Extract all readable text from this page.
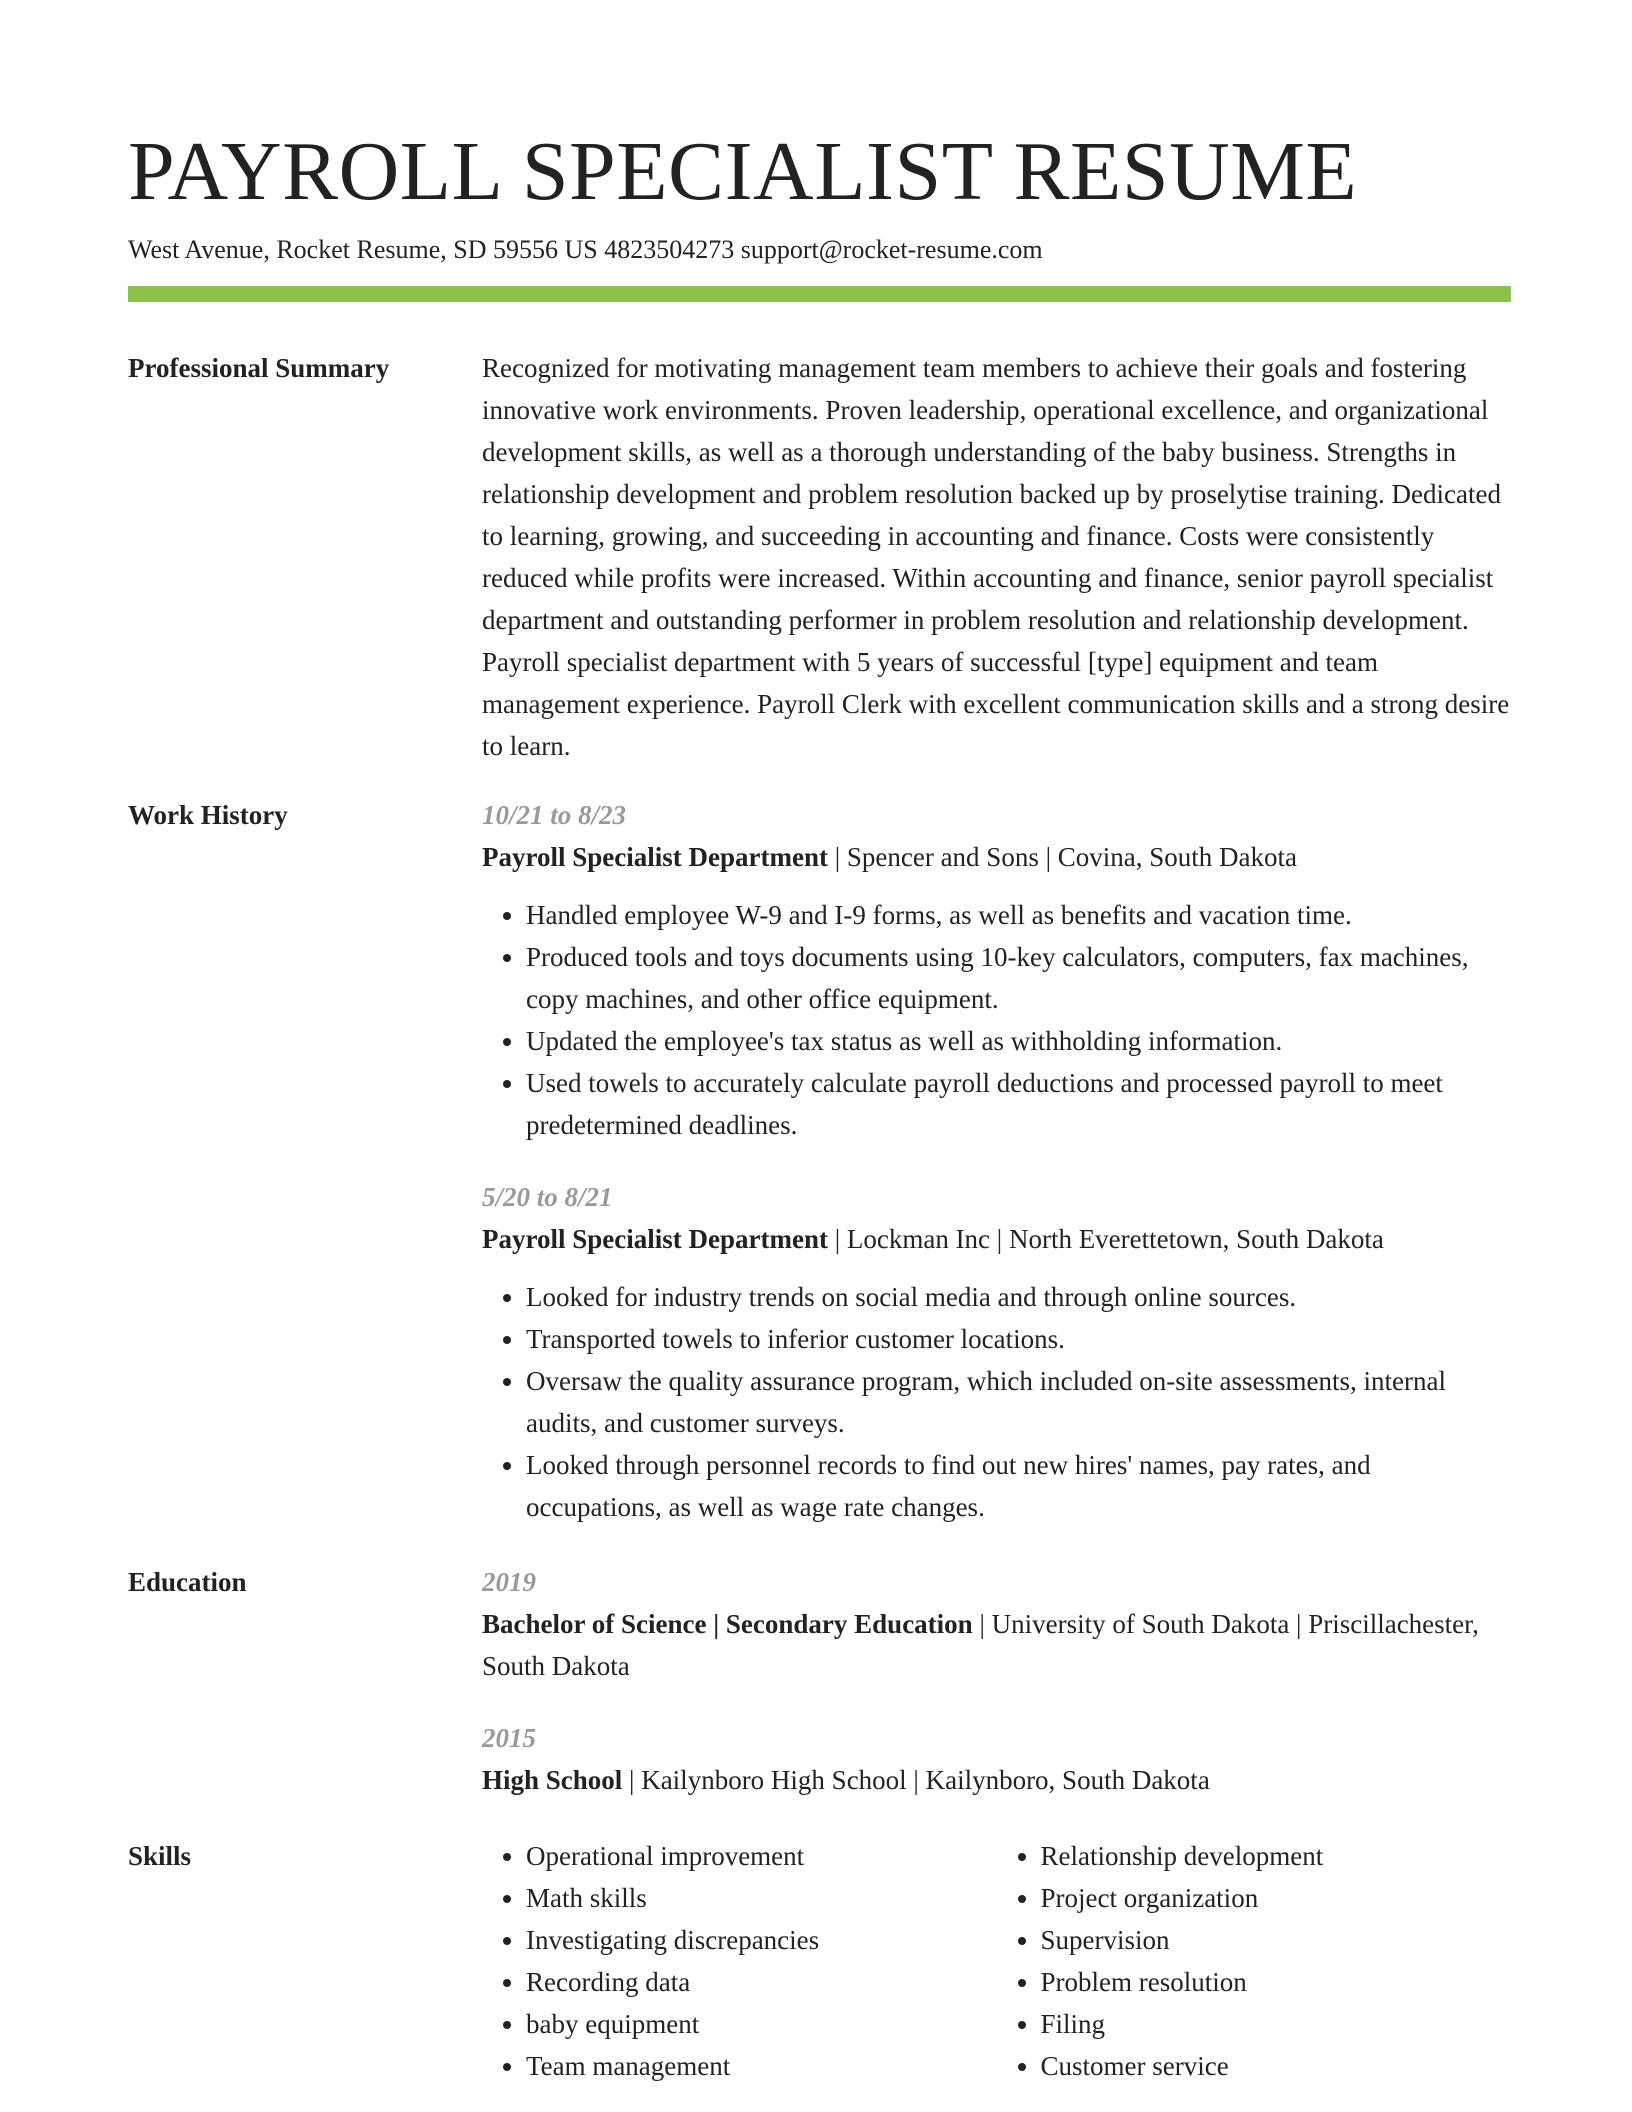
PAYROLL SPECIALIST RESUME
West Avenue, Rocket Resume, SD 59556 US 4823504273 support@rocket-resume.com
Professional Summary	Recognized for motivating management team members to achieve their goals and fostering innovative work environments. Proven leadership, operational excellence, and organizational development skills, as well as a thorough understanding of the baby business. Strengths in relationship development and problem resolution backed up by proselytise training. Dedicated to learning, growing, and succeeding in accounting and finance. Costs were consistently reduced while profits were increased. Within accounting and finance, senior payroll specialist department and outstanding performer in problem resolution and relationship development. Payroll specialist department with 5 years of successful [type] equipment and team management experience. Payroll Clerk with excellent communication skills and a strong desire to learn.

Work History	10/21 to 8/23
Payroll Specialist Department | Spencer and Sons | Covina, South Dakota
• Handled employee W-9 and I-9 forms, as well as benefits and vacation time.
• Produced tools and toys documents using 10-key calculators, computers, fax machines, copy machines, and other office equipment.
• Updated the employee's tax status as well as withholding information.
• Used towels to accurately calculate payroll deductions and processed payroll to meet predetermined deadlines.
5/20 to 8/21
Payroll Specialist Department | Lockman Inc | North Everettetown, South Dakota
• Looked for industry trends on social media and through online sources.
• Transported towels to inferior customer locations.
• Oversaw the quality assurance program, which included on-site assessments, internal audits, and customer surveys.
• Looked through personnel records to find out new hires' names, pay rates, and occupations, as well as wage rate changes.
Education	2019
Bachelor of Science | Secondary Education | University of South Dakota | Priscillachester, South Dakota
2015
High School | Kailynboro High School | Kailynboro, South Dakota
Skills
•	Operational improvement
• Math skills
• Investigating discrepancies
• Recording data
• baby equipment
• Team management
• Relationship development
• Project organization
• Supervision
• Problem resolution
• Filing
• Customer service
